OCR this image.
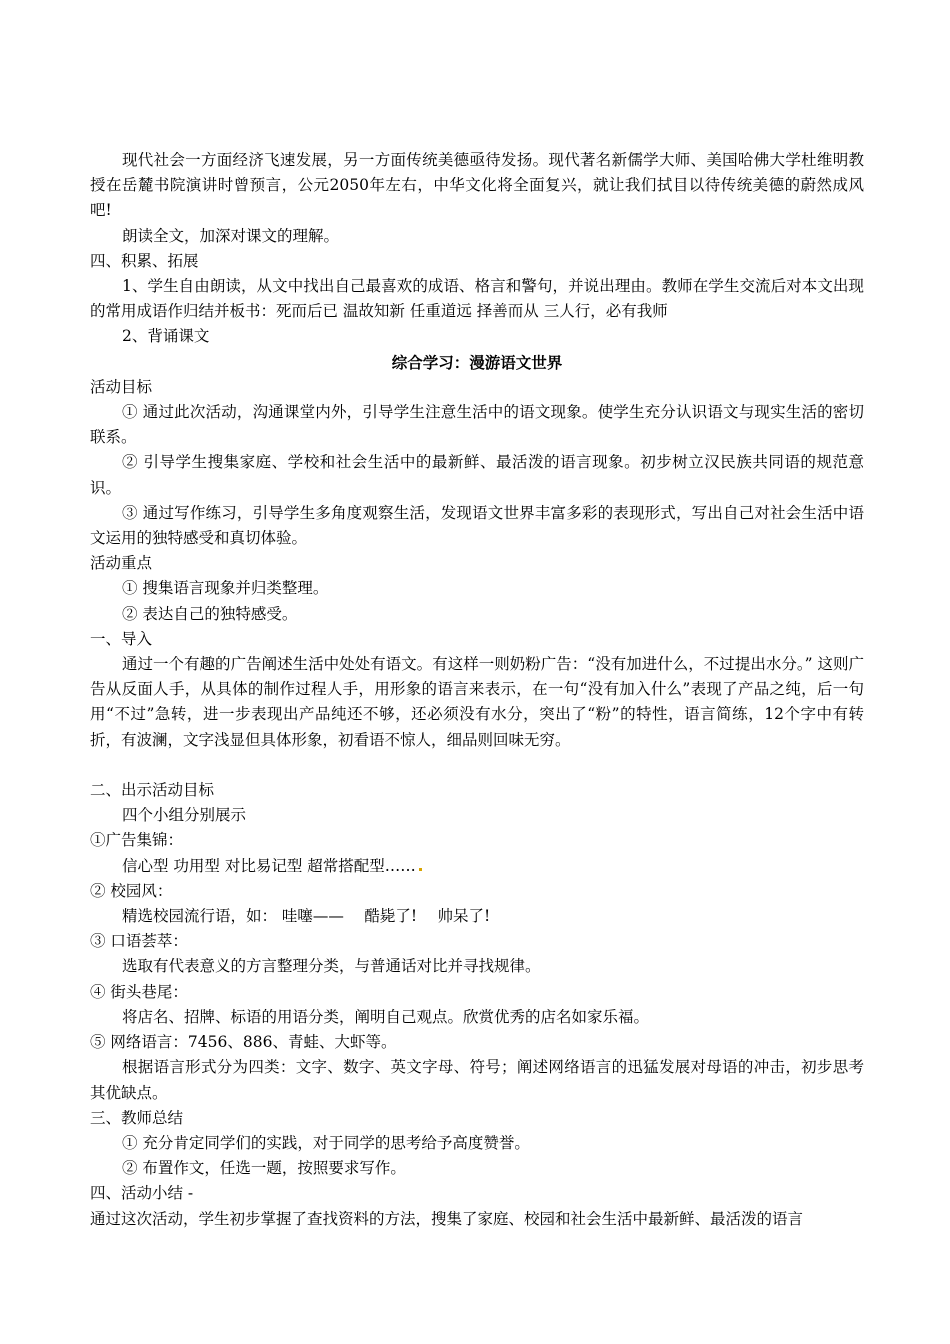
现代社会一方面经济飞速发展，另一方面传统美德亟待发扬。现代著名新儒学大师、美国哈佛大学杜维明教授在岳麓书院演讲时曾预言，公元2050年左右，中华文化将全面复兴，就让我们拭目以待传统美德的蔚然成风吧!

朗读全文，加深对课文的理解。

四、积累、拓展

1、学生自由朗读，从文中找出自己最喜欢的成语、格言和警句，并说出理由。教师在学生交流后对本文出现的常用成语作归结并板书：死而后已 温故知新 任重道远 择善而从 三人行，必有我师

2、背诵课文

综合学习：漫游语文世界

活动目标

① 通过此次活动，沟通课堂内外，引导学生注意生活中的语文现象。使学生充分认识语文与现实生活的密切联系。

② 引导学生搜集家庭、学校和社会生活中的最新鲜、最活泼的语言现象。初步树立汉民族共同语的规范意识。

③ 通过写作练习，引导学生多角度观察生活，发现语文世界丰富多彩的表现形式，写出自己对社会生活中语文运用的独特感受和真切体验。

活动重点

① 搜集语言现象并归类整理。

② 表达自己的独特感受。

一、导入

通过一个有趣的广告阐述生活中处处有语文。有这样一则奶粉广告：“没有加进什么，不过提出水分。” 这则广告从反面人手，从具体的制作过程人手，用形象的语言来表示，在一句“没有加入什么”表现了产品之纯，后一句用“不过”急转，进一步表现出产品纯还不够，还必须没有水分，突出了“粉”的特性，语言简练，12个字中有转折，有波澜，文字浅显但具体形象，初看语不惊人，细品则回味无穷。

二、出示活动目标

四个小组分别展示

①广告集锦：

信心型 功用型 对比易记型 超常搭配型……

② 校园风：

精选校园流行语，如： 哇噻——　 酷毙了!　 帅呆了!

③ 口语荟萃：

选取有代表意义的方言整理分类，与普通话对比并寻找规律。

④ 街头巷尾：

将店名、招牌、标语的用语分类，阐明自己观点。欣赏优秀的店名如家乐福。

⑤ 网络语言：7456、886、青蛙、大虾等。

根据语言形式分为四类：文字、数字、英文字母、符号；阐述网络语言的迅猛发展对母语的冲击，初步思考其优缺点。

三、教师总结

① 充分肯定同学们的实践，对于同学的思考给予高度赞誉。

② 布置作文，任选一题，按照要求写作。

四、活动小结 -

通过这次活动，学生初步掌握了查找资料的方法，搜集了家庭、校园和社会生活中最新鲜、最活泼的语言
